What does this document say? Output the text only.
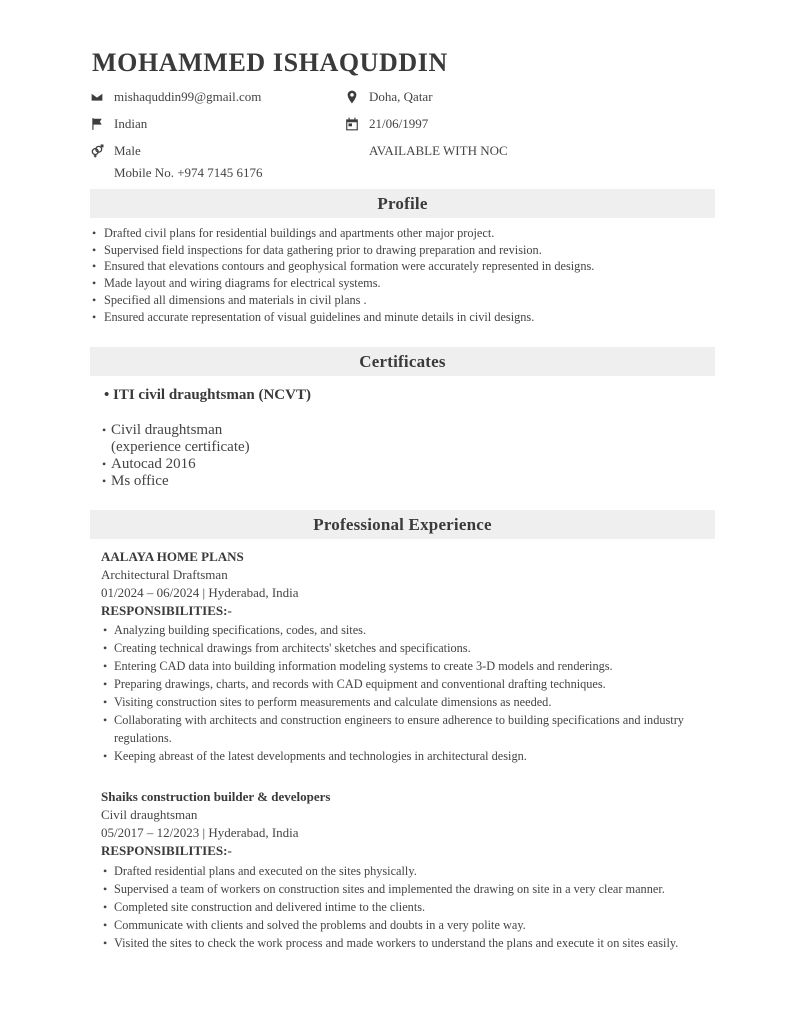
MOHAMMED ISHAQUDDIN
mishaquddin99@gmail.com
Indian
Male
Mobile No. +974 7145 6176
Doha, Qatar
21/06/1997
AVAILABLE WITH NOC
Profile
• Drafted civil plans for residential buildings and apartments other major project.
• Supervised field inspections for data gathering prior to drawing preparation and revision.
• Ensured that elevations contours and geophysical formation were accurately represented in designs.
• Made layout and wiring diagrams for electrical systems.
• Specified all dimensions and materials in civil plans .
• Ensured accurate representation of visual guidelines and minute details in civil designs.
Certificates
• ITI civil draughtsman (NCVT)
• Civil draughtsman
(experience certificate)
• Autocad 2016
• Ms office
Professional Experience
AALAYA HOME PLANS
Architectural Draftsman
01/2024 – 06/2024 | Hyderabad, India
RESPONSIBILITIES:-
• Analyzing building specifications, codes, and sites.
• Creating technical drawings from architects' sketches and specifications.
• Entering CAD data into building information modeling systems to create 3-D models and renderings.
• Preparing drawings, charts, and records with CAD equipment and conventional drafting techniques.
• Visiting construction sites to perform measurements and calculate dimensions as needed.
• Collaborating with architects and construction engineers to ensure adherence to building specifications and industry regulations.
• Keeping abreast of the latest developments and technologies in architectural design.
Shaiks construction builder & developers
Civil draughtsman
05/2017 – 12/2023 | Hyderabad, India
RESPONSIBILITIES:-
• Drafted residential plans and executed on the sites physically.
• Supervised a team of workers on construction sites and implemented the drawing on site in a very clear manner.
• Completed site construction and delivered intime to the clients.
• Communicate with clients and solved the problems and doubts in a very polite way.
• Visited the sites to check the work process and made workers to understand the plans and execute it on sites easily.
